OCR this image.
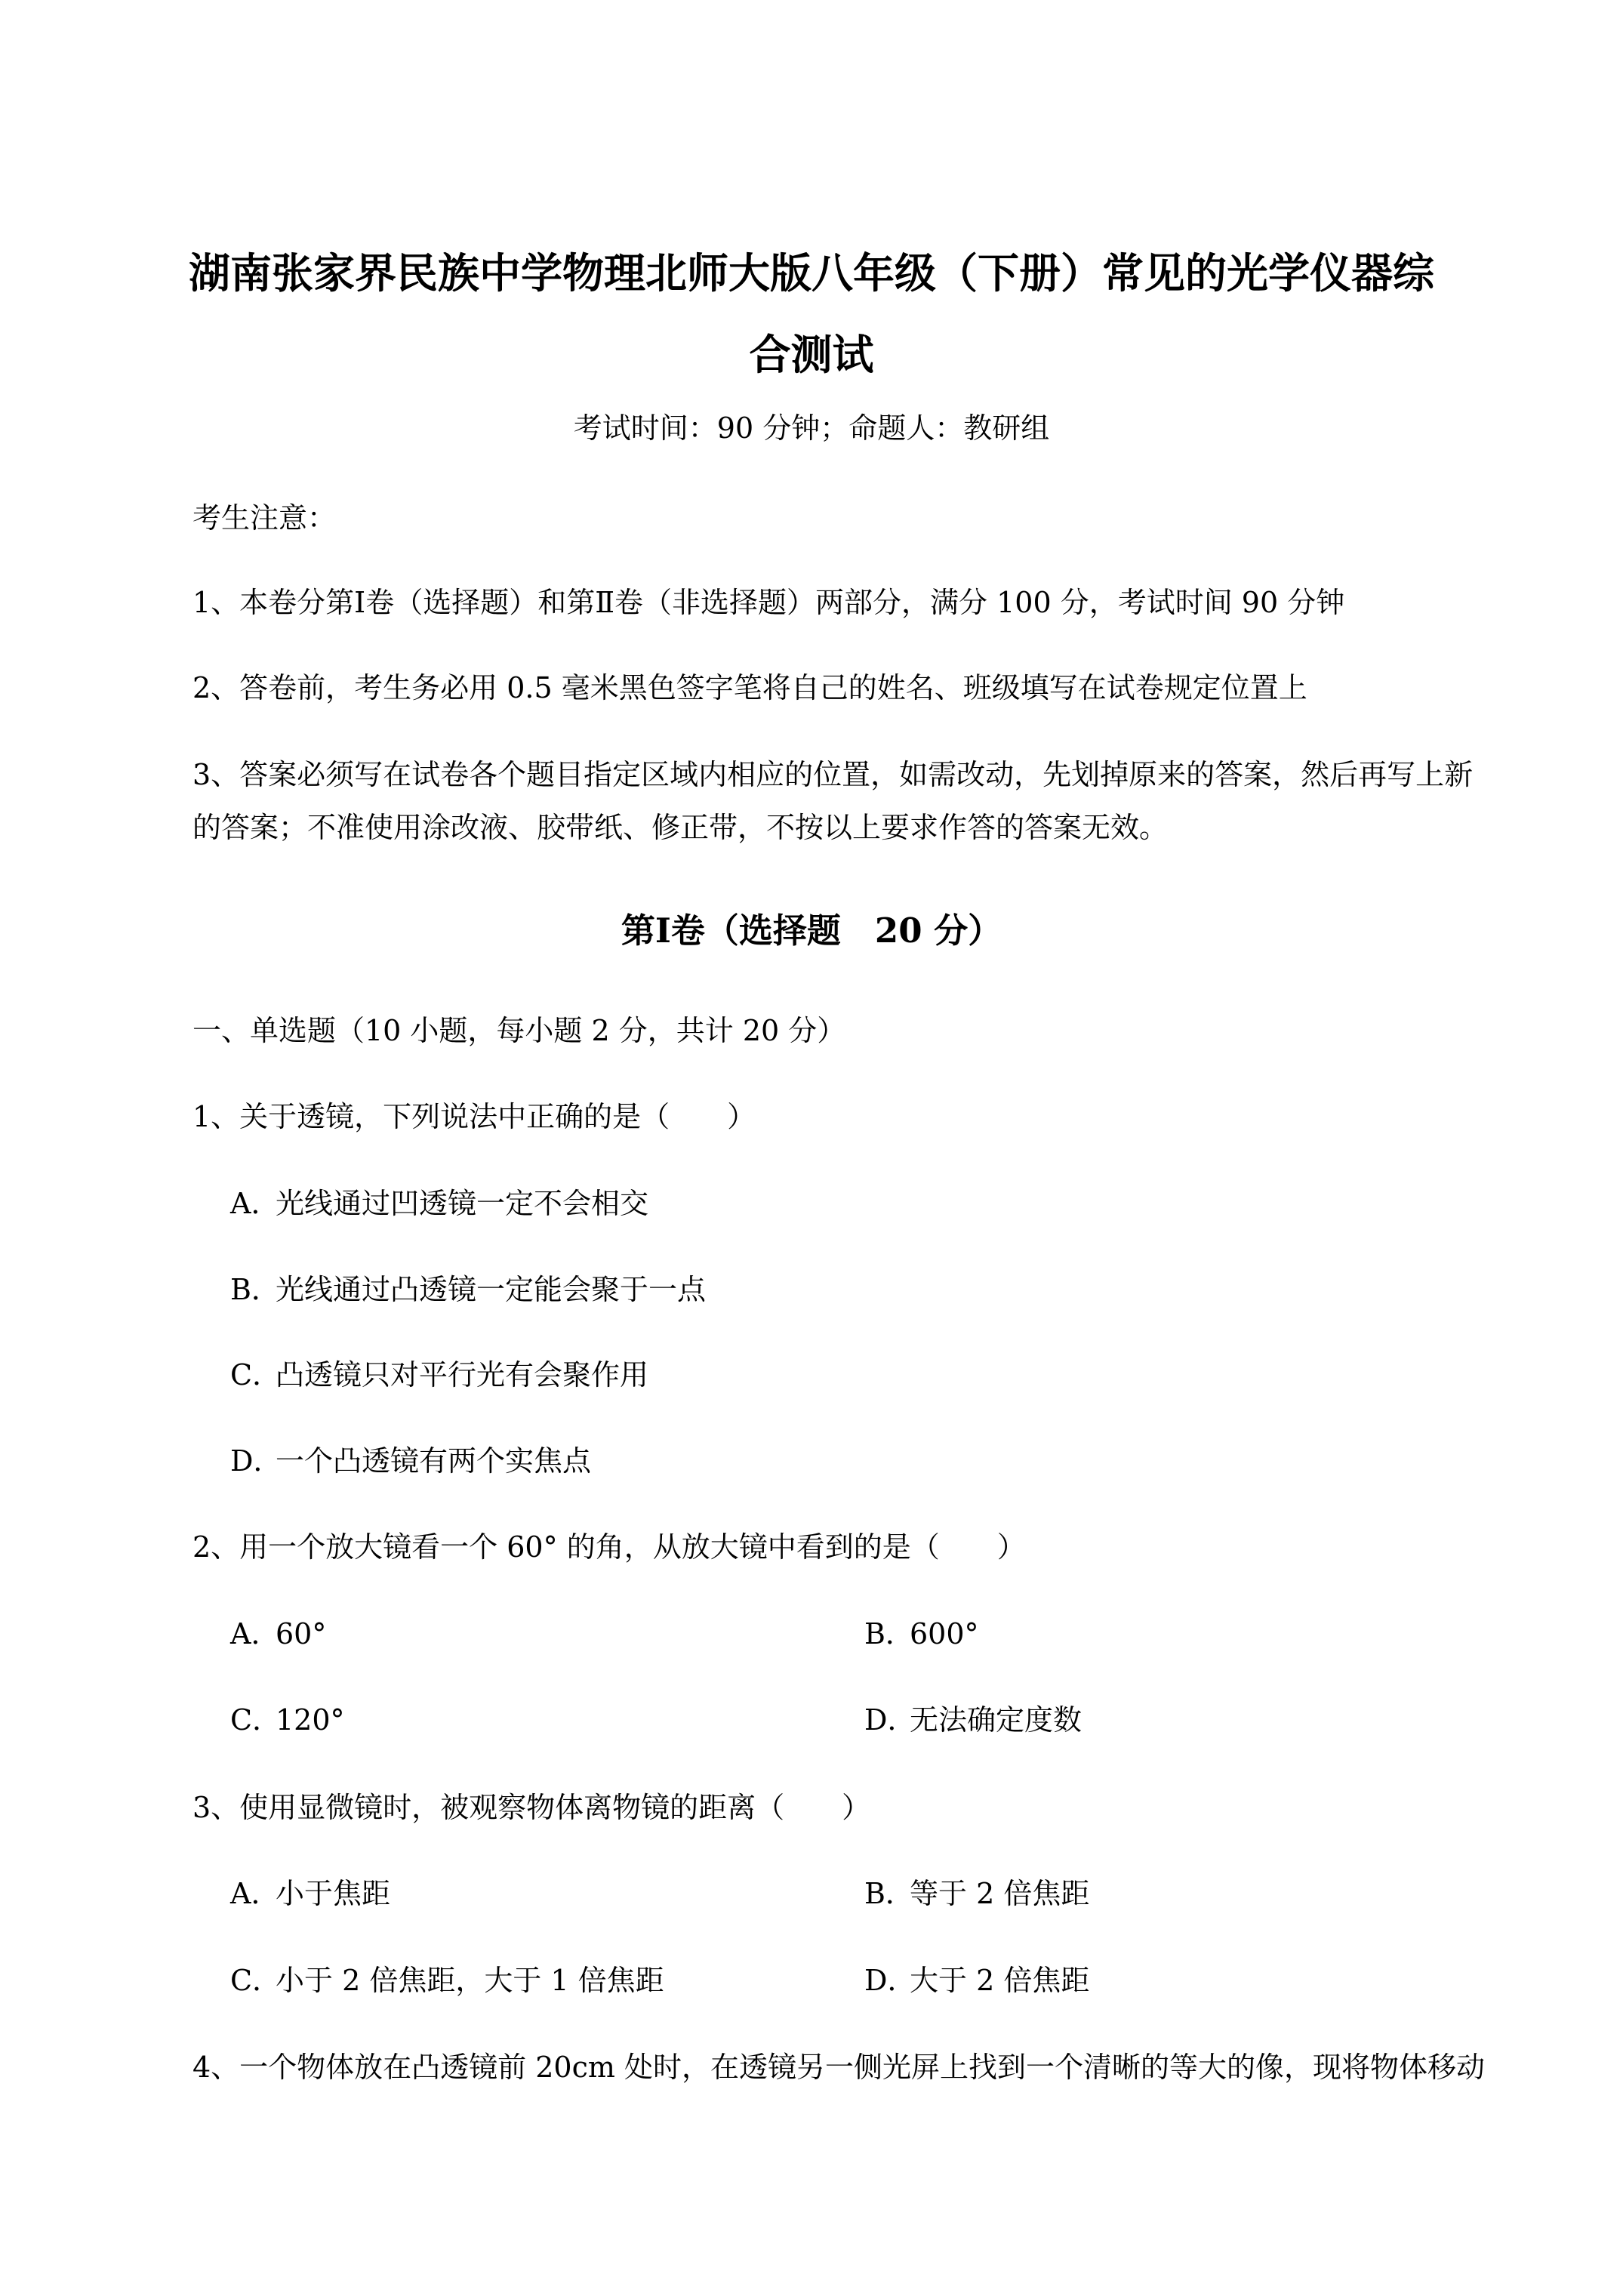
湖南张家界民族中学物理北师大版八年级（下册）常见的光学仪器综
合测试
考试时间：90 分钟；命题人：教研组
考生注意：
1、本卷分第Ⅰ卷（选择题）和第Ⅱ卷（非选择题）两部分，满分 100 分，考试时间 90 分钟
2、答卷前，考生务必用 0.5 毫米黑色签字笔将自己的姓名、班级填写在试卷规定位置上
3、答案必须写在试卷各个题目指定区域内相应的位置，如需改动，先划掉原来的答案，然后再写上新
的答案；不准使用涂改液、胶带纸、修正带，不按以上要求作答的答案无效。
第Ⅰ卷（选择题　20 分）
一、单选题（10 小题，每小题 2 分，共计 20 分）
1、关于透镜，下列说法中正确的是（　　）
A．光线通过凹透镜一定不会相交
B．光线通过凸透镜一定能会聚于一点
C．凸透镜只对平行光有会聚作用
D．一个凸透镜有两个实焦点
2、用一个放大镜看一个 60° 的角，从放大镜中看到的是（　　）
A．60°	B．600°
C．120°	D．无法确定度数
3、使用显微镜时，被观察物体离物镜的距离（　　）
A．小于焦距	B．等于 2 倍焦距
C．小于 2 倍焦距，大于 1 倍焦距	D．大于 2 倍焦距
4、一个物体放在凸透镜前 20cm 处时，在透镜另一侧光屏上找到一个清晰的等大的像，现将物体移动
